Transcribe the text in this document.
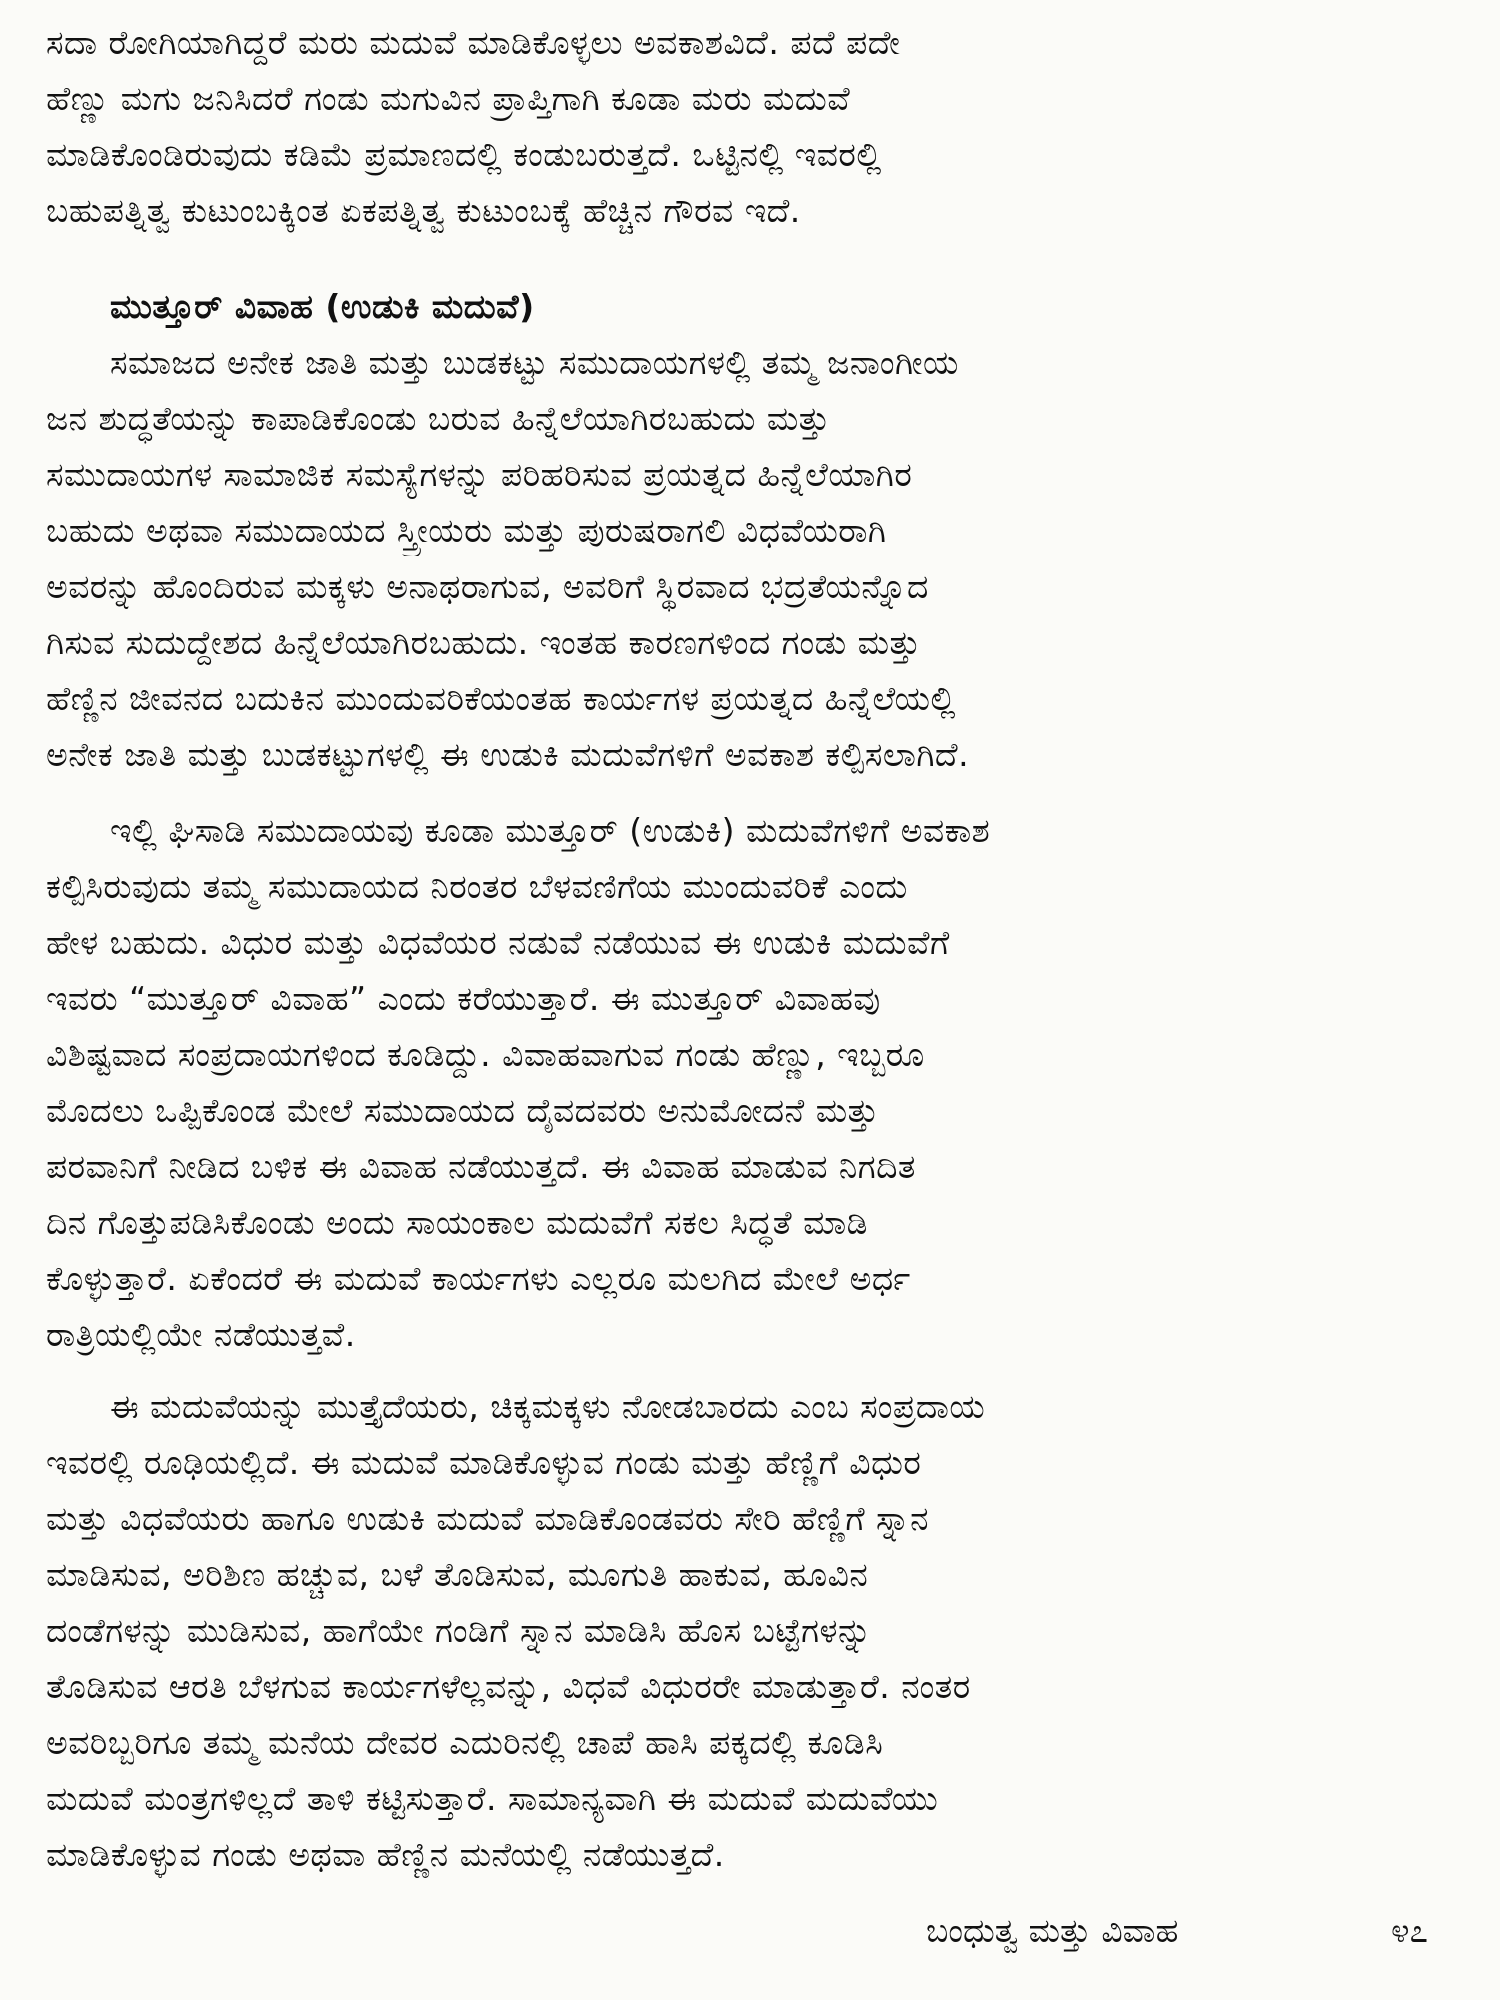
ಸದಾ ರೋಗಿಯಾಗಿದ್ದರೆ ಮರು ಮದುವೆ ಮಾಡಿಕೊಳ್ಳಲು ಅವಕಾಶವಿದೆ. ಪದೆ ಪದೇ
ಹೆಣ್ಣು ಮಗು ಜನಿಸಿದರೆ ಗಂಡು ಮಗುವಿನ ಪ್ರಾಪ್ತಿಗಾಗಿ ಕೂಡಾ ಮರು ಮದುವೆ
ಮಾಡಿಕೊಂಡಿರುವುದು ಕಡಿಮೆ ಪ್ರಮಾಣದಲ್ಲಿ ಕಂಡುಬರುತ್ತದೆ. ಒಟ್ಟಿನಲ್ಲಿ ಇವರಲ್ಲಿ
ಬಹುಪತ್ನಿತ್ವ ಕುಟುಂಬಕ್ಕಿಂತ ಏಕಪತ್ನಿತ್ವ ಕುಟುಂಬಕ್ಕೆ ಹೆಚ್ಚಿನ ಗೌರವ ಇದೆ.
ಮುತ್ತೂರ್ ವಿವಾಹ (ಉಡುಕಿ ಮದುವೆ)
ಸಮಾಜದ ಅನೇಕ ಜಾತಿ ಮತ್ತು ಬುಡಕಟ್ಟು ಸಮುದಾಯಗಳಲ್ಲಿ ತಮ್ಮ ಜನಾಂಗೀಯ
ಜನ ಶುದ್ಧತೆಯನ್ನು ಕಾಪಾಡಿಕೊಂಡು ಬರುವ ಹಿನ್ನೆಲೆಯಾಗಿರಬಹುದು ಮತ್ತು
ಸಮುದಾಯಗಳ ಸಾಮಾಜಿಕ ಸಮಸ್ಯೆಗಳನ್ನು ಪರಿಹರಿಸುವ ಪ್ರಯತ್ನದ ಹಿನ್ನೆಲೆಯಾಗಿರ
ಬಹುದು ಅಥವಾ ಸಮುದಾಯದ ಸ್ತ್ರೀಯರು ಮತ್ತು ಪುರುಷರಾಗಲಿ ವಿಧವೆಯರಾಗಿ
ಅವರನ್ನು ಹೊಂದಿರುವ ಮಕ್ಕಳು ಅನಾಥರಾಗುವ, ಅವರಿಗೆ ಸ್ಥಿರವಾದ ಭದ್ರತೆಯನ್ನೊದ
ಗಿಸುವ ಸುದುದ್ದೇಶದ ಹಿನ್ನೆಲೆಯಾಗಿರಬಹುದು. ಇಂತಹ ಕಾರಣಗಳಿಂದ ಗಂಡು ಮತ್ತು
ಹೆಣ್ಣಿನ ಜೀವನದ ಬದುಕಿನ ಮುಂದುವರಿಕೆಯಂತಹ ಕಾರ್ಯಗಳ ಪ್ರಯತ್ನದ ಹಿನ್ನೆಲೆಯಲ್ಲಿ
ಅನೇಕ ಜಾತಿ ಮತ್ತು ಬುಡಕಟ್ಟುಗಳಲ್ಲಿ ಈ ಉಡುಕಿ ಮದುವೆಗಳಿಗೆ ಅವಕಾಶ ಕಲ್ಪಿಸಲಾಗಿದೆ.
ಇಲ್ಲಿ ಘಿಸಾಡಿ ಸಮುದಾಯವು ಕೂಡಾ ಮುತ್ತೂರ್ (ಉಡುಕಿ) ಮದುವೆಗಳಿಗೆ ಅವಕಾಶ
ಕಲ್ಪಿಸಿರುವುದು ತಮ್ಮ ಸಮುದಾಯದ ನಿರಂತರ ಬೆಳವಣಿಗೆಯ ಮುಂದುವರಿಕೆ ಎಂದು
ಹೇಳ ಬಹುದು. ವಿಧುರ ಮತ್ತು ವಿಧವೆಯರ ನಡುವೆ ನಡೆಯುವ ಈ ಉಡುಕಿ ಮದುವೆಗೆ
ಇವರು “ಮುತ್ತೂರ್ ವಿವಾಹ” ಎಂದು ಕರೆಯುತ್ತಾರೆ. ಈ ಮುತ್ತೂರ್ ವಿವಾಹವು
ವಿಶಿಷ್ಟವಾದ ಸಂಪ್ರದಾಯಗಳಿಂದ ಕೂಡಿದ್ದು. ವಿವಾಹವಾಗುವ ಗಂಡು ಹೆಣ್ಣು, ಇಬ್ಬರೂ
ಮೊದಲು ಒಪ್ಪಿಕೊಂಡ ಮೇಲೆ ಸಮುದಾಯದ ದೈವದವರು ಅನುಮೋದನೆ ಮತ್ತು
ಪರವಾನಿಗೆ ನೀಡಿದ ಬಳಿಕ ಈ ವಿವಾಹ ನಡೆಯುತ್ತದೆ. ಈ ವಿವಾಹ ಮಾಡುವ ನಿಗದಿತ
ದಿನ ಗೊತ್ತುಪಡಿಸಿಕೊಂಡು ಅಂದು ಸಾಯಂಕಾಲ ಮದುವೆಗೆ ಸಕಲ ಸಿದ್ಧತೆ ಮಾಡಿ
ಕೊಳ್ಳುತ್ತಾರೆ. ಏಕೆಂದರೆ ಈ ಮದುವೆ ಕಾರ್ಯಗಳು ಎಲ್ಲರೂ ಮಲಗಿದ ಮೇಲೆ ಅರ್ಧ
ರಾತ್ರಿಯಲ್ಲಿಯೇ ನಡೆಯುತ್ತವೆ.
ಈ ಮದುವೆಯನ್ನು ಮುತ್ತೈದೆಯರು, ಚಿಕ್ಕಮಕ್ಕಳು ನೋಡಬಾರದು ಎಂಬ ಸಂಪ್ರದಾಯ
ಇವರಲ್ಲಿ ರೂಢಿಯಲ್ಲಿದೆ. ಈ ಮದುವೆ ಮಾಡಿಕೊಳ್ಳುವ ಗಂಡು ಮತ್ತು ಹೆಣ್ಣಿಗೆ ವಿಧುರ
ಮತ್ತು ವಿಧವೆಯರು ಹಾಗೂ ಉಡುಕಿ ಮದುವೆ ಮಾಡಿಕೊಂಡವರು ಸೇರಿ ಹೆಣ್ಣಿಗೆ ಸ್ನಾನ
ಮಾಡಿಸುವ, ಅರಿಶಿಣ ಹಚ್ಚುವ, ಬಳೆ ತೊಡಿಸುವ, ಮೂಗುತಿ ಹಾಕುವ, ಹೂವಿನ
ದಂಡೆಗಳನ್ನು ಮುಡಿಸುವ, ಹಾಗೆಯೇ ಗಂಡಿಗೆ ಸ್ನಾನ ಮಾಡಿಸಿ ಹೊಸ ಬಟ್ಟೆಗಳನ್ನು
ತೊಡಿಸುವ ಆರತಿ ಬೆಳಗುವ ಕಾರ್ಯಗಳೆಲ್ಲವನ್ನು, ವಿಧವೆ ವಿಧುರರೇ ಮಾಡುತ್ತಾರೆ. ನಂತರ
ಅವರಿಬ್ಬರಿಗೂ ತಮ್ಮ ಮನೆಯ ದೇವರ ಎದುರಿನಲ್ಲಿ ಚಾಪೆ ಹಾಸಿ ಪಕ್ಕದಲ್ಲಿ ಕೂಡಿಸಿ
ಮದುವೆ ಮಂತ್ರಗಳಿಲ್ಲದೆ ತಾಳಿ ಕಟ್ಟಿಸುತ್ತಾರೆ. ಸಾಮಾನ್ಯವಾಗಿ ಈ ಮದುವೆ ಮದುವೆಯು
ಮಾಡಿಕೊಳ್ಳುವ ಗಂಡು ಅಥವಾ ಹೆಣ್ಣಿನ ಮನೆಯಲ್ಲಿ ನಡೆಯುತ್ತದೆ.
ಬಂಧುತ್ವ ಮತ್ತು ವಿವಾಹ	೪೭
